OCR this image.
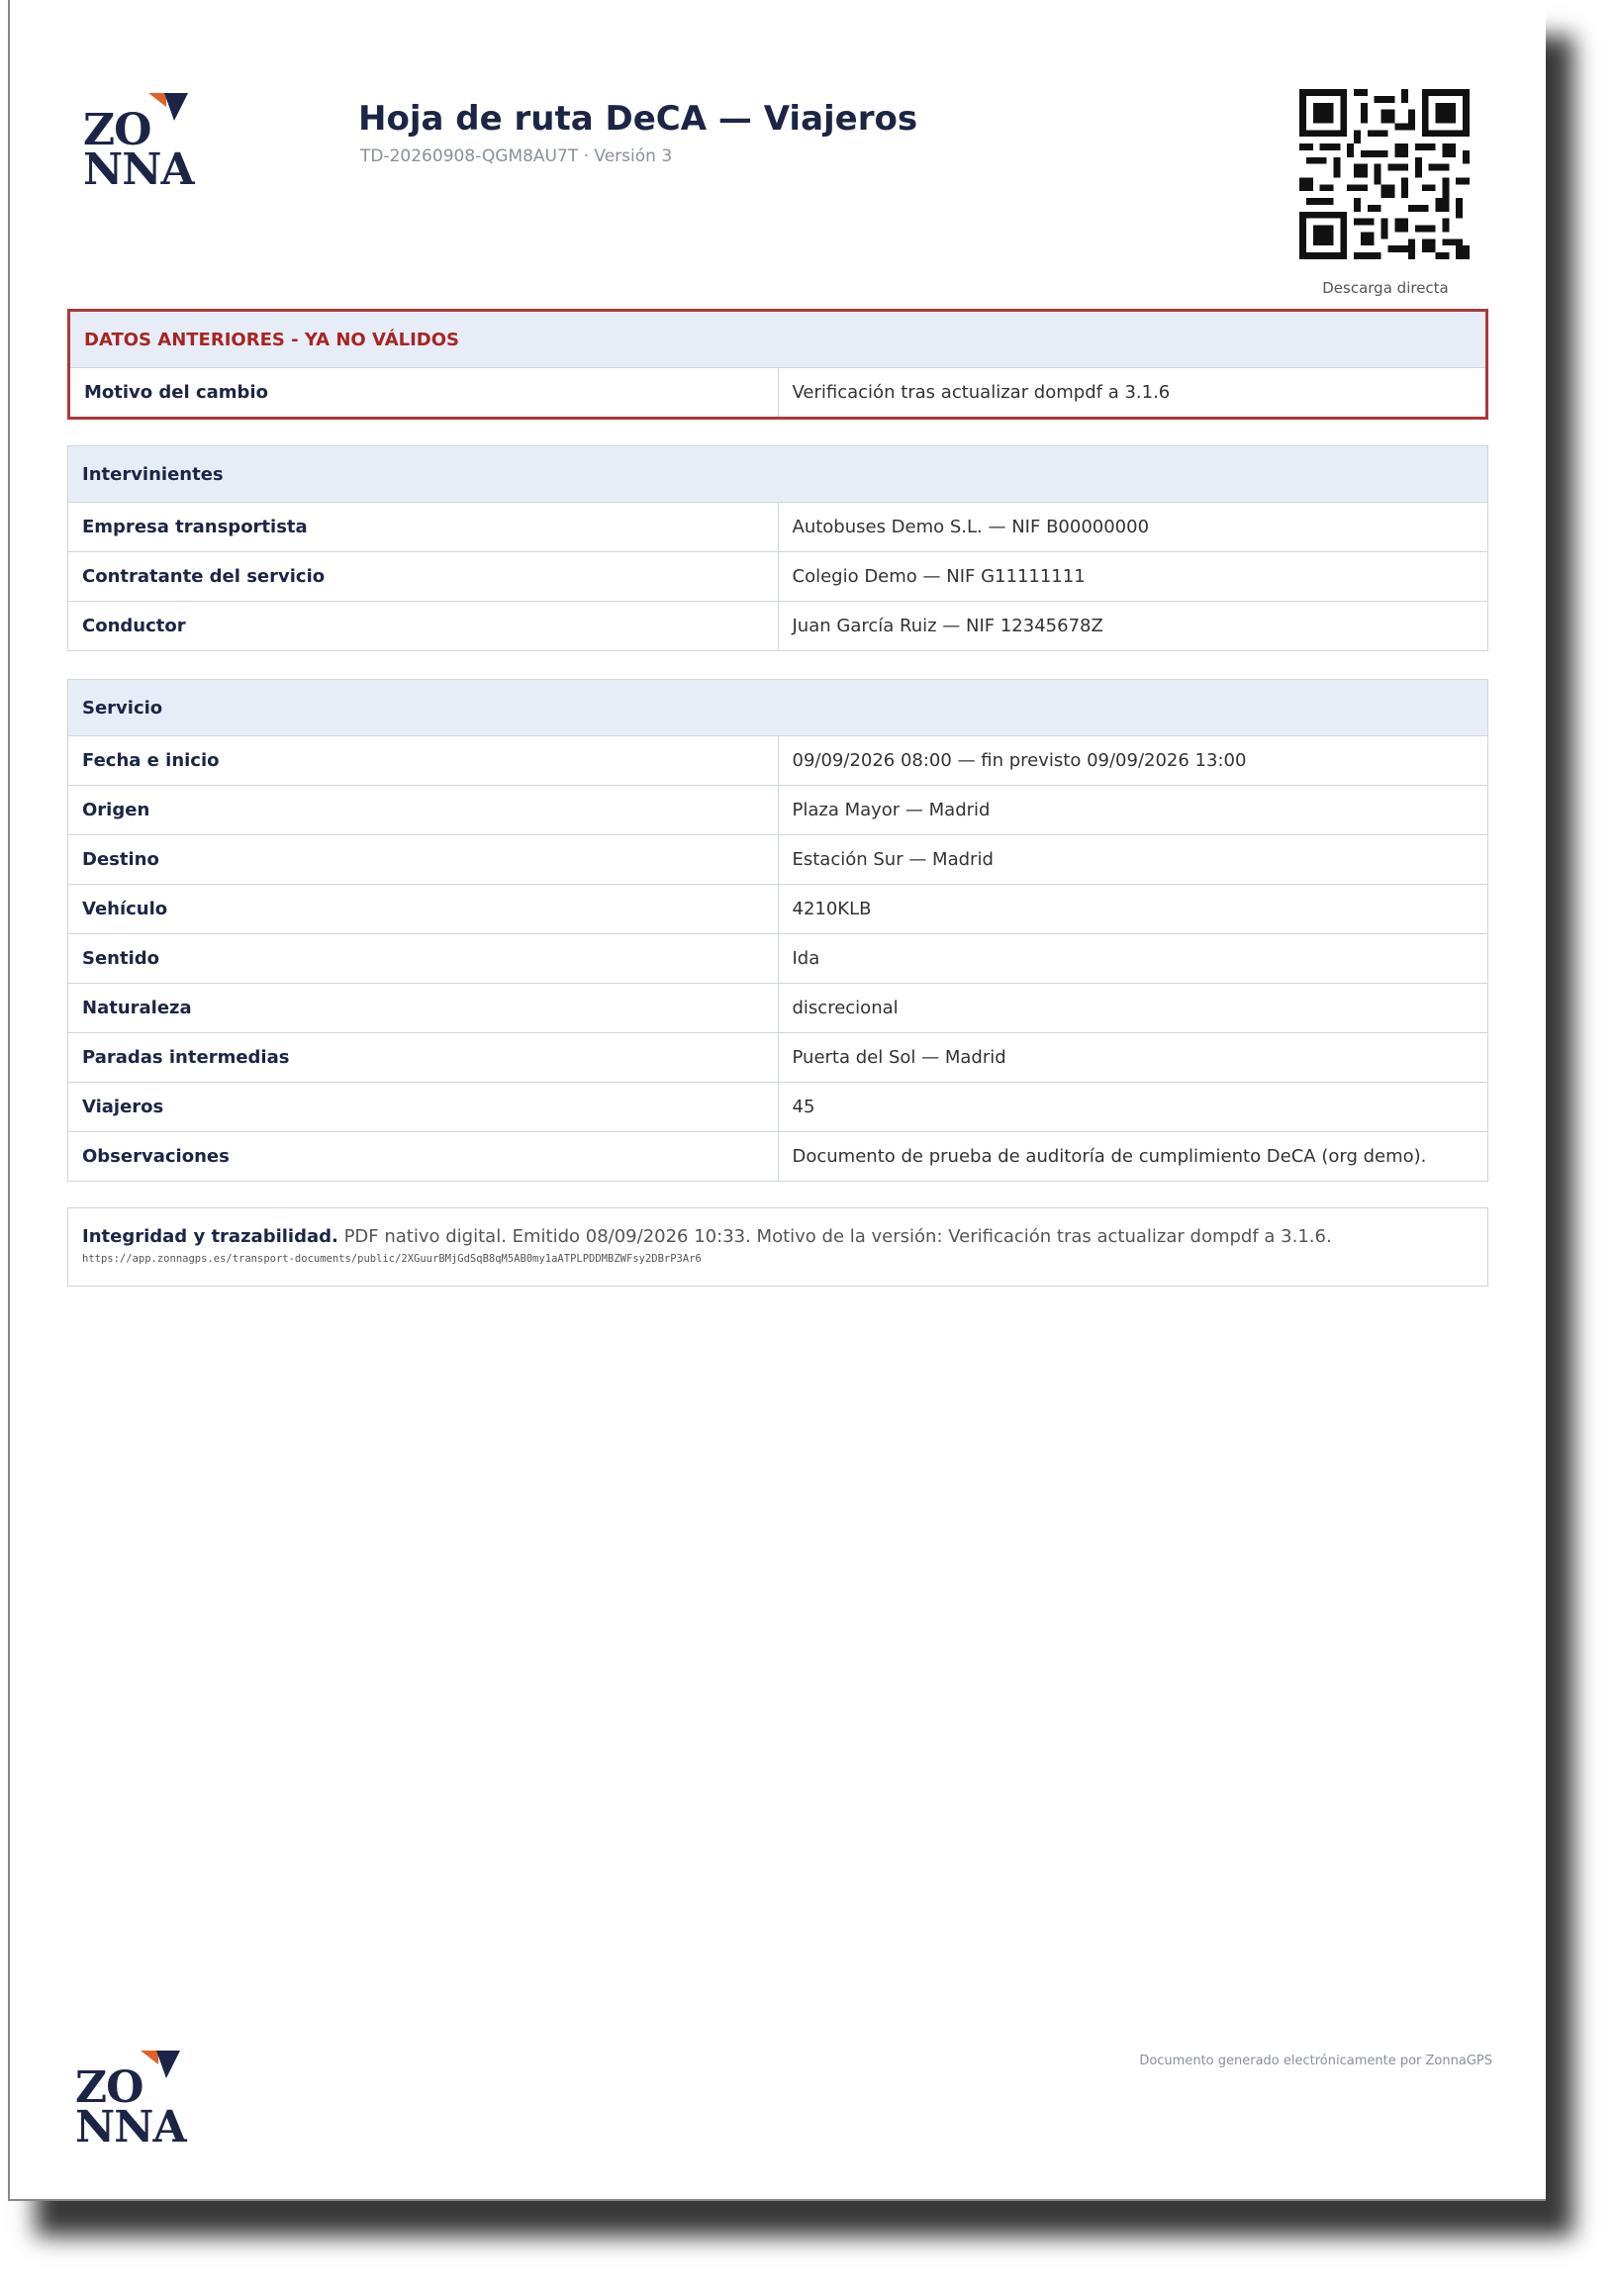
ZO
NNA
Hoja de ruta DeCA — Viajeros
TD-20260908-QGM8AU7T · Versión 3
Descarga directa
DATOS ANTERIORES - YA NO VÁLIDOS
Motivo del cambio	Verificación tras actualizar dompdf a 3.1.6
Intervinientes	
Empresa transportista	Autobuses Demo S.L. — NIF B00000000
Contratante del servicio	Colegio Demo — NIF G11111111
Conductor	Juan García Ruiz — NIF 12345678Z
Servicio	
Fecha e inicio	09/09/2026 08:00 — fin previsto 09/09/2026 13:00
Origen	Plaza Mayor — Madrid
Destino	Estación Sur — Madrid
Vehículo	4210KLB
Sentido	Ida
Naturaleza	discrecional
Paradas intermedias	Puerta del Sol — Madrid
Viajeros	45
Observaciones	Documento de prueba de auditoría de cumplimiento DeCA (org demo).
Integridad y trazabilidad. PDF nativo digital. Emitido 08/09/2026 10:33. Motivo de la versión: Verificación tras actualizar dompdf a 3.1.6.
https://app.zonnagps.es/transport-documents/public/2XGuurBMjGdSqB8qM5AB0my1aATPLPDDMBZWFsy2DBrP3Ar6
ZO
NNA
Documento generado electrónicamente por ZonnaGPS
